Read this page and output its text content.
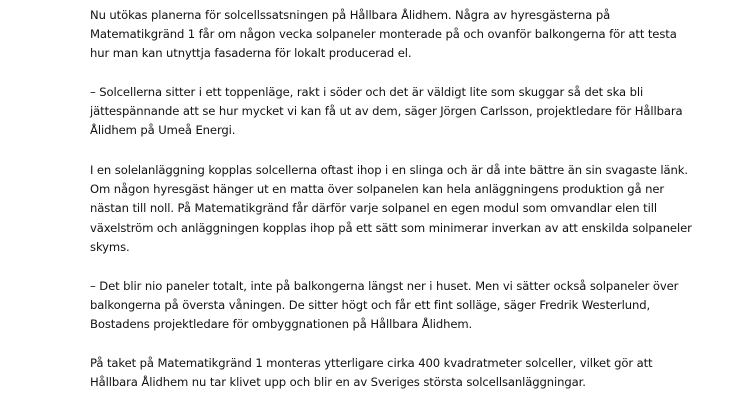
Nu utökas planerna för solcellssatsningen på Hållbara Ålidhem. Några av hyresgästerna på
Matematikgränd 1 får om någon vecka solpaneler monterade på och ovanför balkongerna för att testa
hur man kan utnyttja fasaderna för lokalt producerad el.

– Solcellerna sitter i ett toppenläge, rakt i söder och det är väldigt lite som skuggar så det ska bli
jättespännande att se hur mycket vi kan få ut av dem, säger Jörgen Carlsson, projektledare för Hållbara
Ålidhem på Umeå Energi.

I en solelanläggning kopplas solcellerna oftast ihop i en slinga och är då inte bättre än sin svagaste länk.
Om någon hyresgäst hänger ut en matta över solpanelen kan hela anläggningens produktion gå ner
nästan till noll. På Matematikgränd får därför varje solpanel en egen modul som omvandlar elen till
växelström och anläggningen kopplas ihop på ett sätt som minimerar inverkan av att enskilda solpaneler
skyms.

– Det blir nio paneler totalt, inte på balkongerna längst ner i huset. Men vi sätter också solpaneler över
balkongerna på översta våningen. De sitter högt och får ett fint solläge, säger Fredrik Westerlund,
Bostadens projektledare för ombyggnationen på Hållbara Ålidhem.

På taket på Matematikgränd 1 monteras ytterligare cirka 400 kvadratmeter solceller, vilket gör att
Hållbara Ålidhem nu tar klivet upp och blir en av Sveriges största solcellsanläggningar.
